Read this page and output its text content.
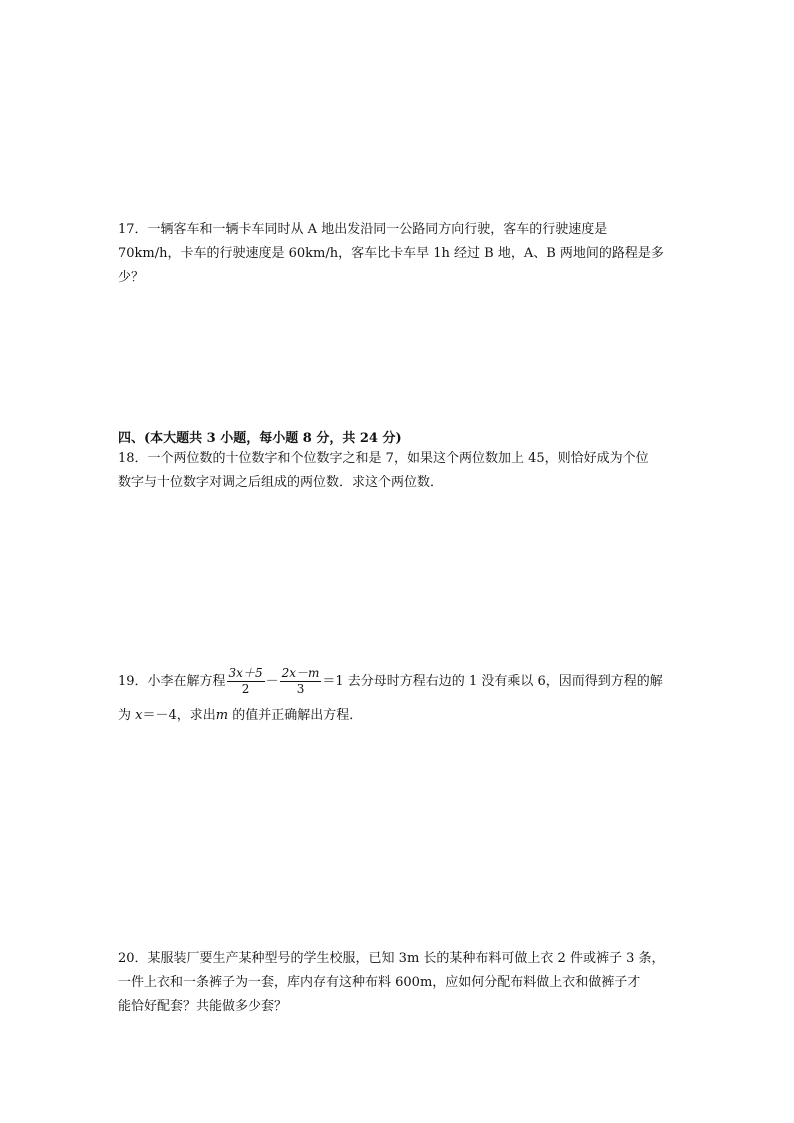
17．一辆客车和一辆卡车同时从 A 地出发沿同一公路同方向行驶，客车的行驶速度是
70km/h，卡车的行驶速度是 60km/h，客车比卡车早 1h 经过 B 地，A、B 两地间的路程是多
少？
四、(本大题共 3 小题，每小题 8 分，共 24 分)
18．一个两位数的十位数字和个位数字之和是 7，如果这个两位数加上 45，则恰好成为个位
数字与十位数字对调之后组成的两位数．求这个两位数．
19．小李在解方程 $\frac{3x+5}{2} - \frac{2x-m}{3} =1$ 去分母时方程右边的 1 没有乘以 6，因而得到方程的解
为 x＝－4，求出m 的值并正确解出方程．
20．某服装厂要生产某种型号的学生校服，已知 3m 长的某种布料可做上衣 2 件或裤子 3 条，
一件上衣和一条裤子为一套，库内存有这种布料 600m，应如何分配布料做上衣和做裤子才
能恰好配套？共能做多少套？
